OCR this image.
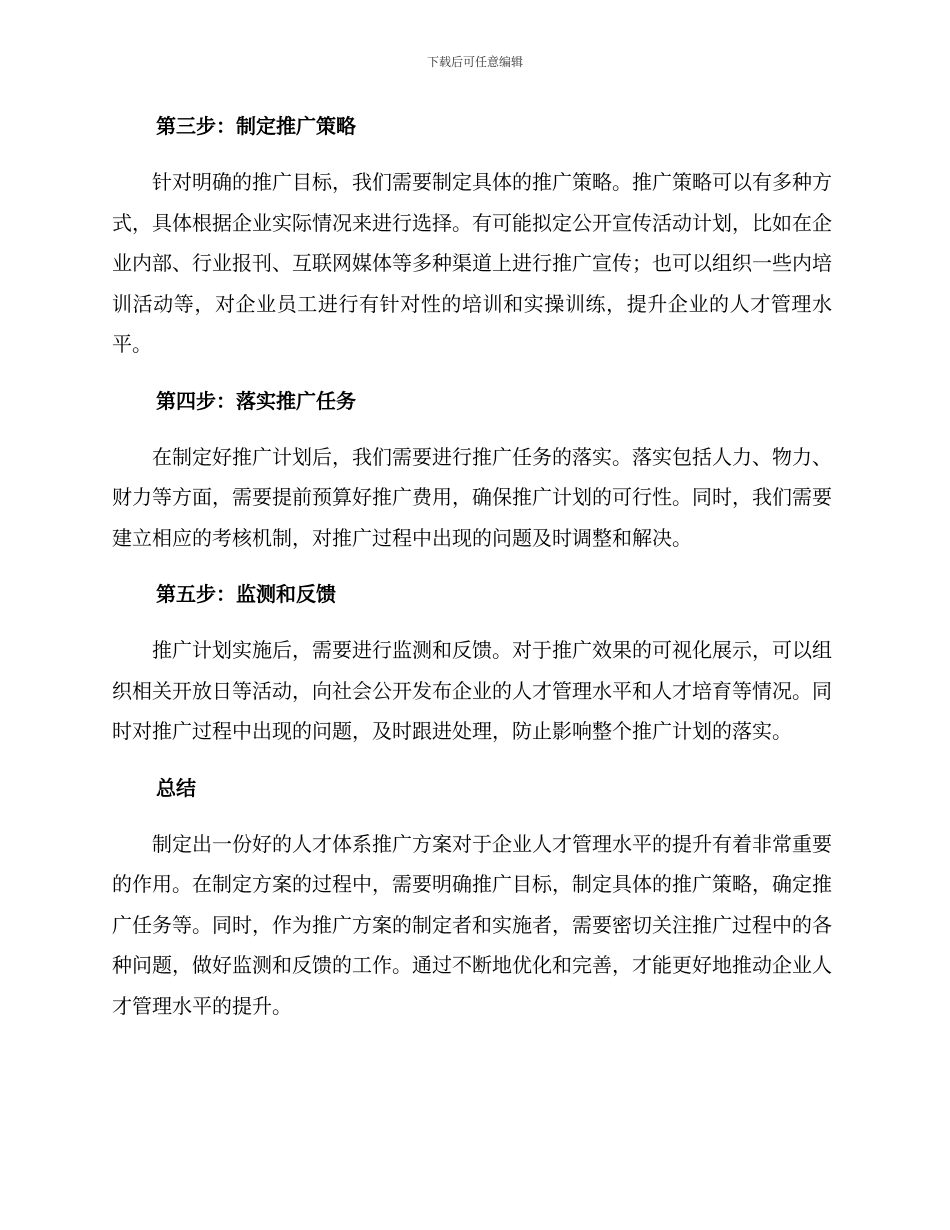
下载后可任意编辑
第三步：制定推广策略

针对明确的推广目标，我们需要制定具体的推广策略。推广策略可以有多种方式，具体根据企业实际情况来进行选择。有可能拟定公开宣传活动计划，比如在企业内部、行业报刊、互联网媒体等多种渠道上进行推广宣传；也可以组织一些内培训活动等，对企业员工进行有针对性的培训和实操训练，提升企业的人才管理水平。

第四步：落实推广任务

在制定好推广计划后，我们需要进行推广任务的落实。落实包括人力、物力、财力等方面，需要提前预算好推广费用，确保推广计划的可行性。同时，我们需要建立相应的考核机制，对推广过程中出现的问题及时调整和解决。

第五步：监测和反馈

推广计划实施后，需要进行监测和反馈。对于推广效果的可视化展示，可以组织相关开放日等活动，向社会公开发布企业的人才管理水平和人才培育等情况。同时对推广过程中出现的问题，及时跟进处理，防止影响整个推广计划的落实。

总结

制定出一份好的人才体系推广方案对于企业人才管理水平的提升有着非常重要的作用。在制定方案的过程中，需要明确推广目标，制定具体的推广策略，确定推广任务等。同时，作为推广方案的制定者和实施者，需要密切关注推广过程中的各种问题，做好监测和反馈的工作。通过不断地优化和完善，才能更好地推动企业人才管理水平的提升。
